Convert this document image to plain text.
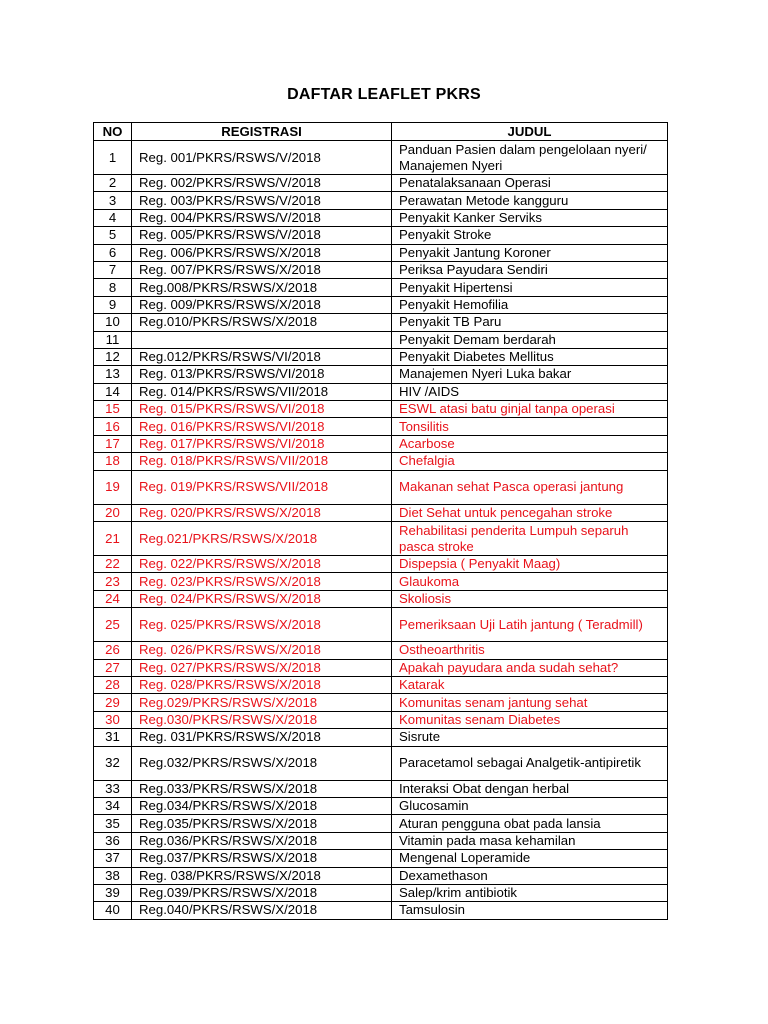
DAFTAR LEAFLET PKRS
NO	REGISTRASI	JUDUL
1	Reg. 001/PKRS/RSWS/V/2018	Panduan Pasien dalam pengelolaan nyeri/ Manajemen Nyeri
2	Reg. 002/PKRS/RSWS/V/2018	Penatalaksanaan Operasi
3	Reg. 003/PKRS/RSWS/V/2018	Perawatan Metode kangguru
4	Reg. 004/PKRS/RSWS/V/2018	Penyakit Kanker Serviks
5	Reg. 005/PKRS/RSWS/V/2018	Penyakit Stroke
6	Reg. 006/PKRS/RSWS/X/2018	Penyakit Jantung Koroner
7	Reg. 007/PKRS/RSWS/X/2018	Periksa Payudara Sendiri
8	Reg.008/PKRS/RSWS/X/2018	Penyakit Hipertensi
9	Reg. 009/PKRS/RSWS/X/2018	Penyakit Hemofilia
10	Reg.010/PKRS/RSWS/X/2018	Penyakit TB Paru
11		Penyakit Demam berdarah
12	Reg.012/PKRS/RSWS/VI/2018	Penyakit Diabetes Mellitus
13	Reg. 013/PKRS/RSWS/VI/2018	Manajemen Nyeri Luka bakar
14	Reg. 014/PKRS/RSWS/VII/2018	HIV /AIDS
15	Reg. 015/PKRS/RSWS/VI/2018	ESWL atasi batu ginjal tanpa operasi
16	Reg. 016/PKRS/RSWS/VI/2018	Tonsilitis
17	Reg. 017/PKRS/RSWS/VI/2018	Acarbose
18	Reg. 018/PKRS/RSWS/VII/2018	Chefalgia
19	Reg. 019/PKRS/RSWS/VII/2018	Makanan sehat Pasca operasi jantung
20	Reg. 020/PKRS/RSWS/X/2018	Diet Sehat untuk pencegahan stroke
21	Reg.021/PKRS/RSWS/X/2018	Rehabilitasi penderita Lumpuh separuh pasca stroke
22	Reg. 022/PKRS/RSWS/X/2018	Dispepsia ( Penyakit Maag)
23	Reg. 023/PKRS/RSWS/X/2018	Glaukoma
24	Reg. 024/PKRS/RSWS/X/2018	Skoliosis
25	Reg. 025/PKRS/RSWS/X/2018	Pemeriksaan Uji Latih jantung ( Teradmill)
26	Reg. 026/PKRS/RSWS/X/2018	Ostheoarthritis
27	Reg. 027/PKRS/RSWS/X/2018	Apakah payudara anda sudah sehat?
28	Reg. 028/PKRS/RSWS/X/2018	Katarak
29	Reg.029/PKRS/RSWS/X/2018	Komunitas senam jantung sehat
30	Reg.030/PKRS/RSWS/X/2018	Komunitas senam Diabetes
31	Reg. 031/PKRS/RSWS/X/2018	Sisrute
32	Reg.032/PKRS/RSWS/X/2018	Paracetamol sebagai Analgetik-antipiretik
33	Reg.033/PKRS/RSWS/X/2018	Interaksi Obat dengan herbal
34	Reg.034/PKRS/RSWS/X/2018	Glucosamin
35	Reg.035/PKRS/RSWS/X/2018	Aturan pengguna obat pada lansia
36	Reg.036/PKRS/RSWS/X/2018	Vitamin pada masa kehamilan
37	Reg.037/PKRS/RSWS/X/2018	Mengenal Loperamide
38	Reg. 038/PKRS/RSWS/X/2018	Dexamethason
39	Reg.039/PKRS/RSWS/X/2018	Salep/krim antibiotik
40	Reg.040/PKRS/RSWS/X/2018	Tamsulosin
